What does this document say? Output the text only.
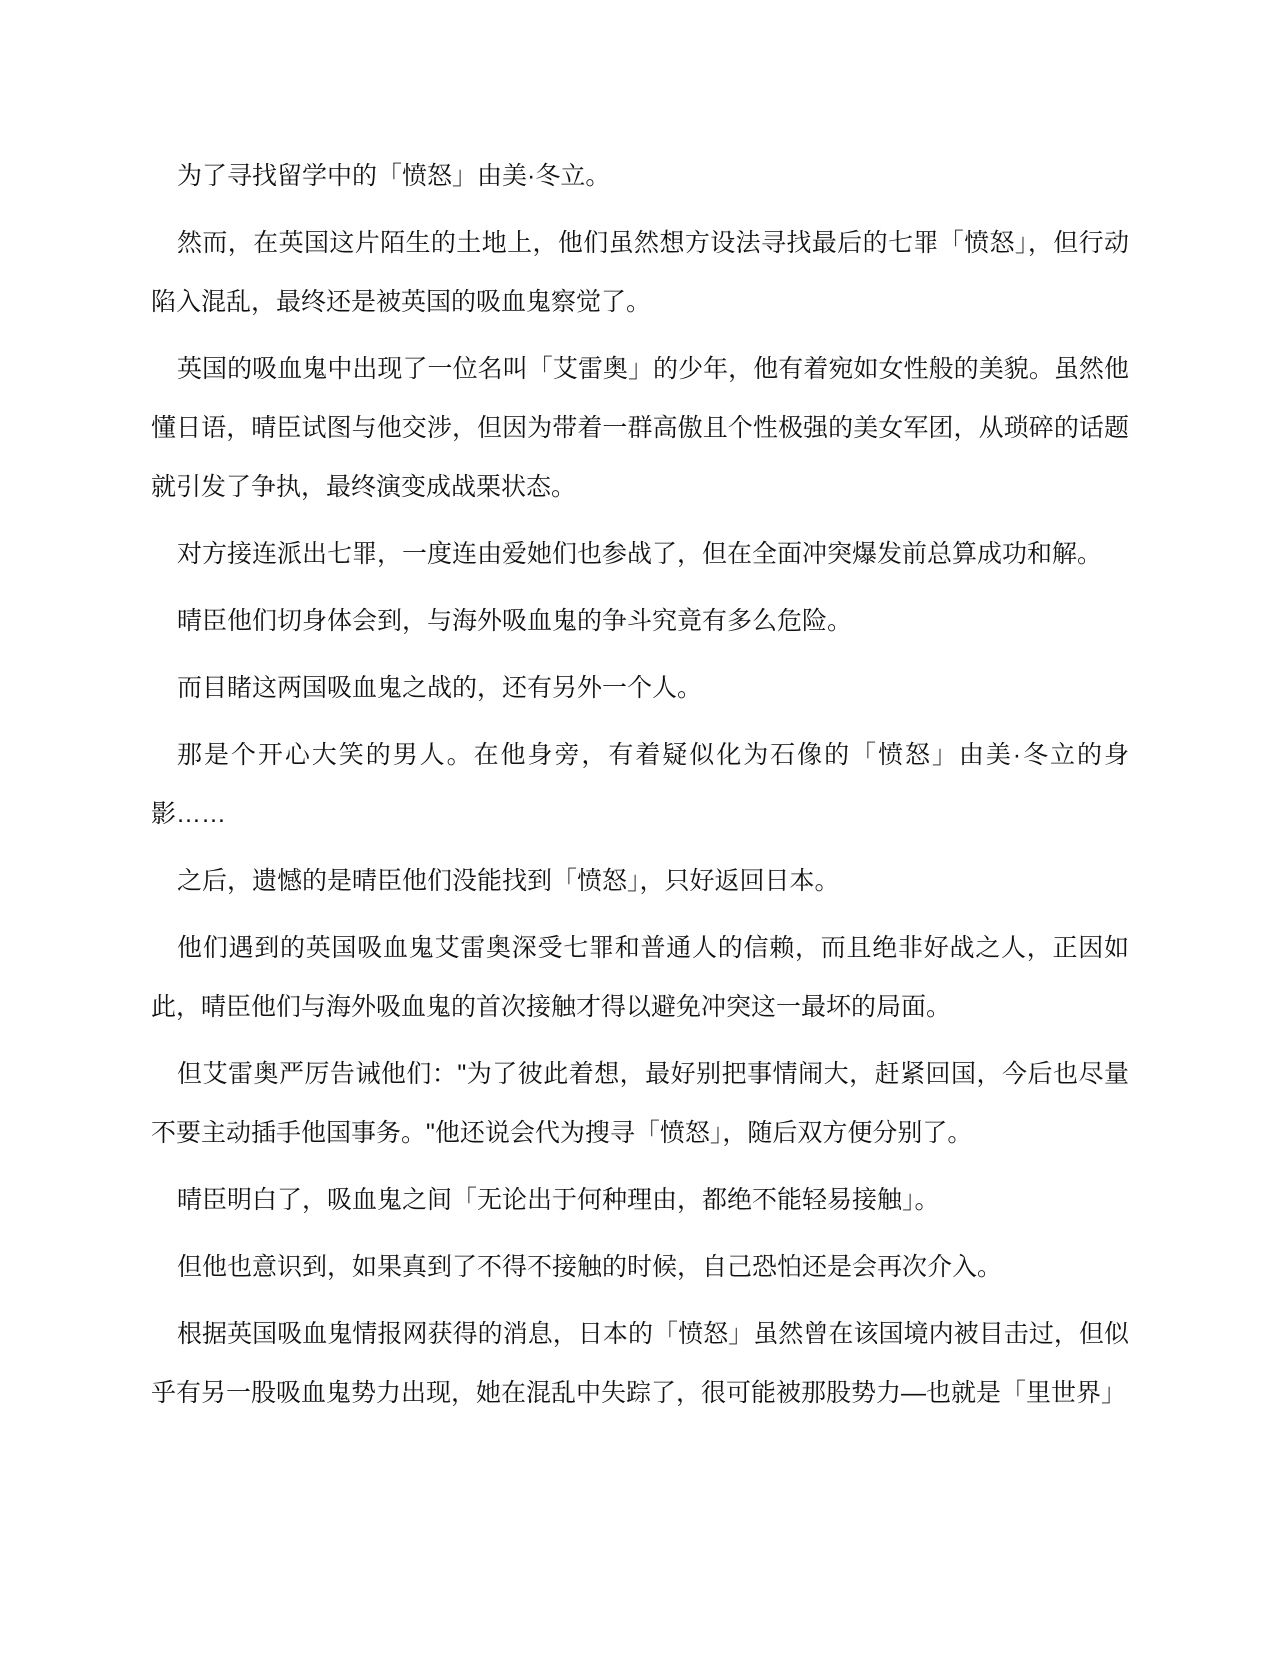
为了寻找留学中的「愤怒」由美·冬立。

然而，在英国这片陌生的土地上，他们虽然想方设法寻找最后的七罪「愤怒」，但行动陷入混乱，最终还是被英国的吸血鬼察觉了。

英国的吸血鬼中出现了一位名叫「艾雷奥」的少年，他有着宛如女性般的美貌。虽然他懂日语，晴臣试图与他交涉，但因为带着一群高傲且个性极强的美女军团，从琐碎的话题就引发了争执，最终演变成战栗状态。

对方接连派出七罪，一度连由爱她们也参战了，但在全面冲突爆发前总算成功和解。

晴臣他们切身体会到，与海外吸血鬼的争斗究竟有多么危险。

而目睹这两国吸血鬼之战的，还有另外一个人。

那是个开心大笑的男人。在他身旁，有着疑似化为石像的「愤怒」由美·冬立的身影……

之后，遗憾的是晴臣他们没能找到「愤怒」，只好返回日本。

他们遇到的英国吸血鬼艾雷奥深受七罪和普通人的信赖，而且绝非好战之人，正因如此，晴臣他们与海外吸血鬼的首次接触才得以避免冲突这一最坏的局面。

但艾雷奥严厉告诫他们："为了彼此着想，最好别把事情闹大，赶紧回国，今后也尽量不要主动插手他国事务。"他还说会代为搜寻「愤怒」，随后双方便分别了。

晴臣明白了，吸血鬼之间「无论出于何种理由，都绝不能轻易接触」。

但他也意识到，如果真到了不得不接触的时候，自己恐怕还是会再次介入。

根据英国吸血鬼情报网获得的消息，日本的「愤怒」虽然曾在该国境内被目击过，但似乎有另一股吸血鬼势力出现，她在混乱中失踪了，很可能被那股势力—也就是「里世界」
